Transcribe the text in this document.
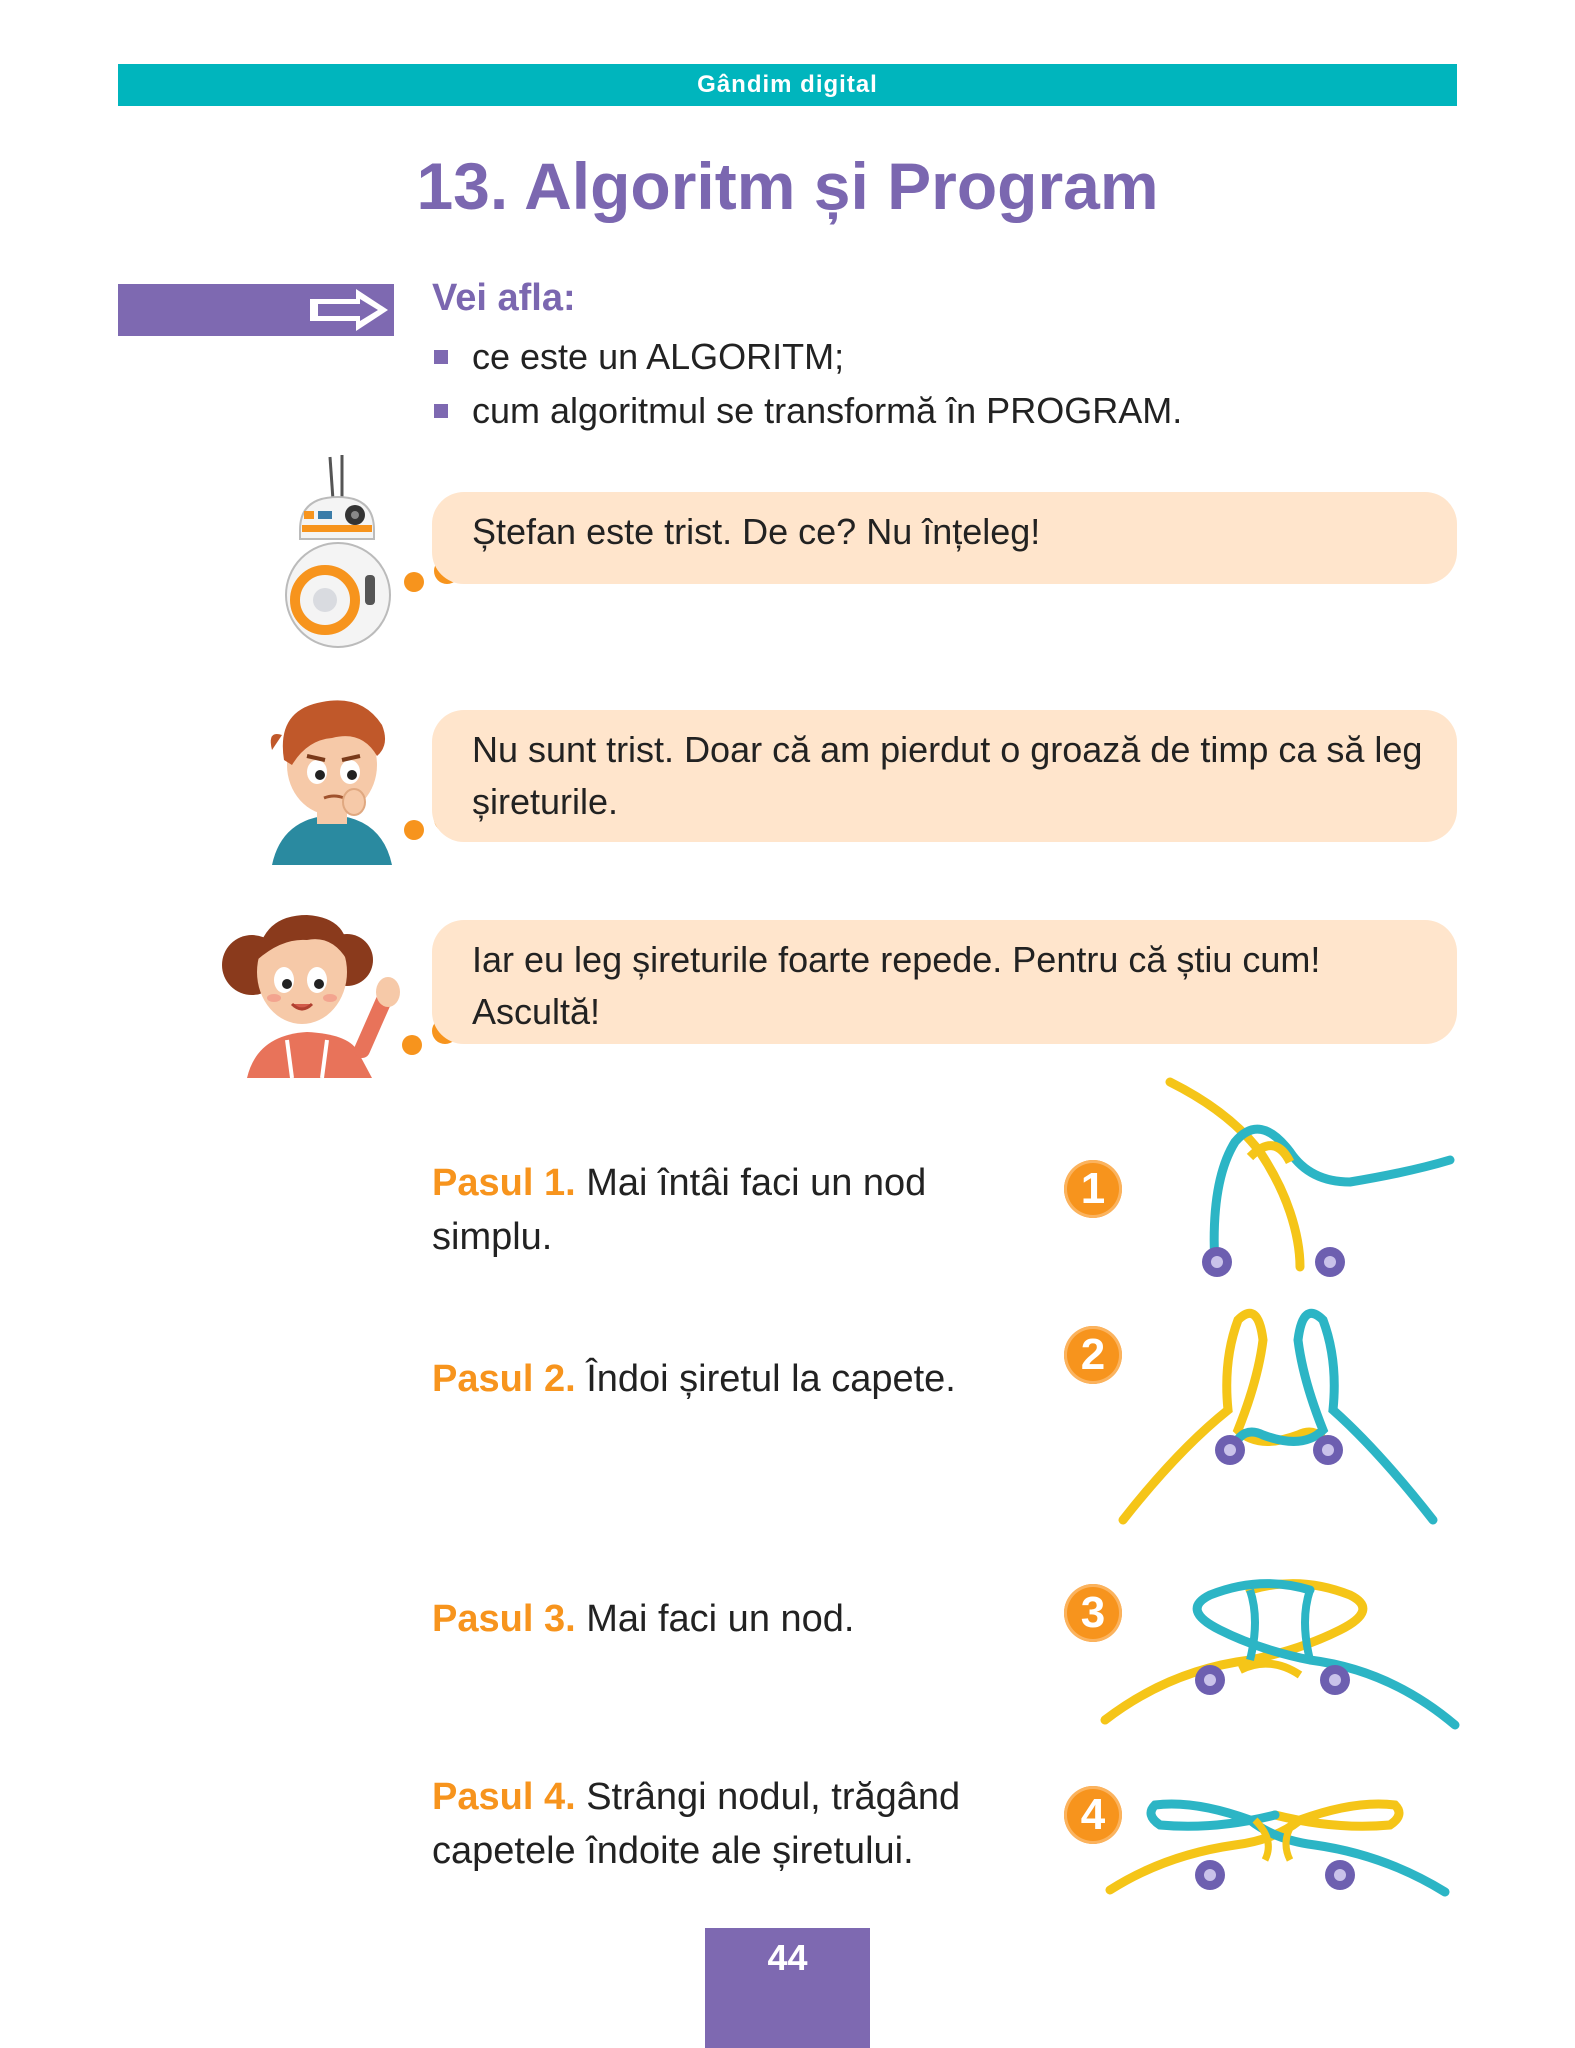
Gândim digital
13. Algoritm și Program
Vei afla:
ce este un ALGORITM;
cum algoritmul se transformă în PROGRAM.
Ștefan este trist. De ce? Nu înțeleg!
Nu sunt trist. Doar că am pierdut o groază de timp ca să leg șireturile.
Iar eu leg șireturile foarte repede. Pentru că știu cum! Ascultă!
Pasul 1. Mai întâi faci un nod simplu.
Pasul 2. Îndoi șiretul la capete.
Pasul 3. Mai faci un nod.
Pasul 4. Strângi nodul, trăgând capetele îndoite ale șiretului.
1
2
3
4
44
